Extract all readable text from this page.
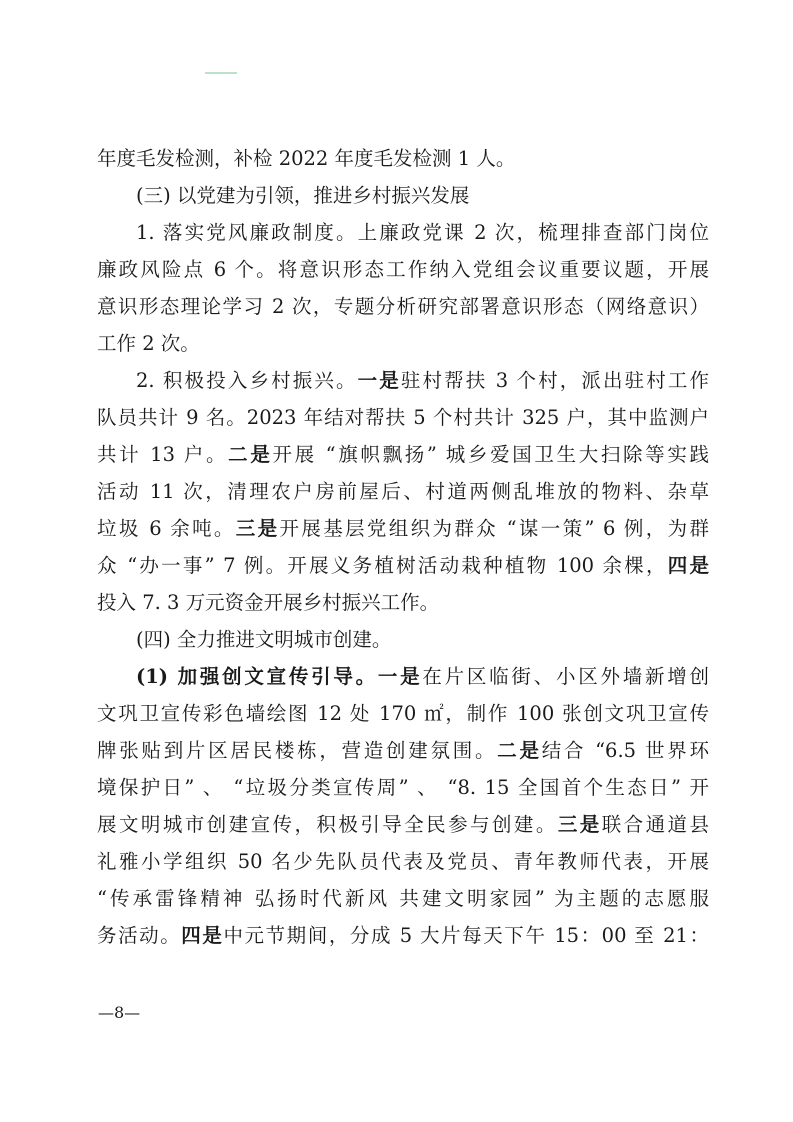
年度毛发检测，补检 2022 年度毛发检测 1 人。
(三) 以党建为引领，推进乡村振兴发展
1. 落实党风廉政制度。上廉政党课 2 次，梳理排查部门岗位
廉政风险点 6 个。将意识形态工作纳入党组会议重要议题，开展
意识形态理论学习 2 次，专题分析研究部署意识形态（网络意识）
工作 2 次。
2. 积极投入乡村振兴。一是驻村帮扶 3 个村，派出驻村工作
队员共计 9 名。2023 年结对帮扶 5 个村共计 325 户，其中监测户
共计 13 户。二是开展 “旗帜飘扬” 城乡爱国卫生大扫除等实践
活动 11 次，清理农户房前屋后、村道两侧乱堆放的物料、杂草
垃圾 6 余吨。三是开展基层党组织为群众 “谋一策” 6 例，为群
众 “办一事” 7 例。开展义务植树活动栽种植物 100 余棵，四是
投入 7. 3 万元资金开展乡村振兴工作。
(四) 全力推进文明城市创建。
(1) 加强创文宣传引导。一是在片区临街、小区外墙新增创
文巩卫宣传彩色墙绘图 12 处 170 ㎡，制作 100 张创文巩卫宣传
牌张贴到片区居民楼栋，营造创建氛围。二是结合 “6.5 世界环
境保护日” 、 “垃圾分类宣传周” 、 “8. 15 全国首个生态日” 开
展文明城市创建宣传，积极引导全民参与创建。三是联合通道县
礼雅小学组织 50 名少先队员代表及党员、青年教师代表，开展
“传承雷锋精神 弘扬时代新风 共建文明家园” 为主题的志愿服
务活动。四是中元节期间，分成 5 大片每天下午 15：00 至 21：
—8—
